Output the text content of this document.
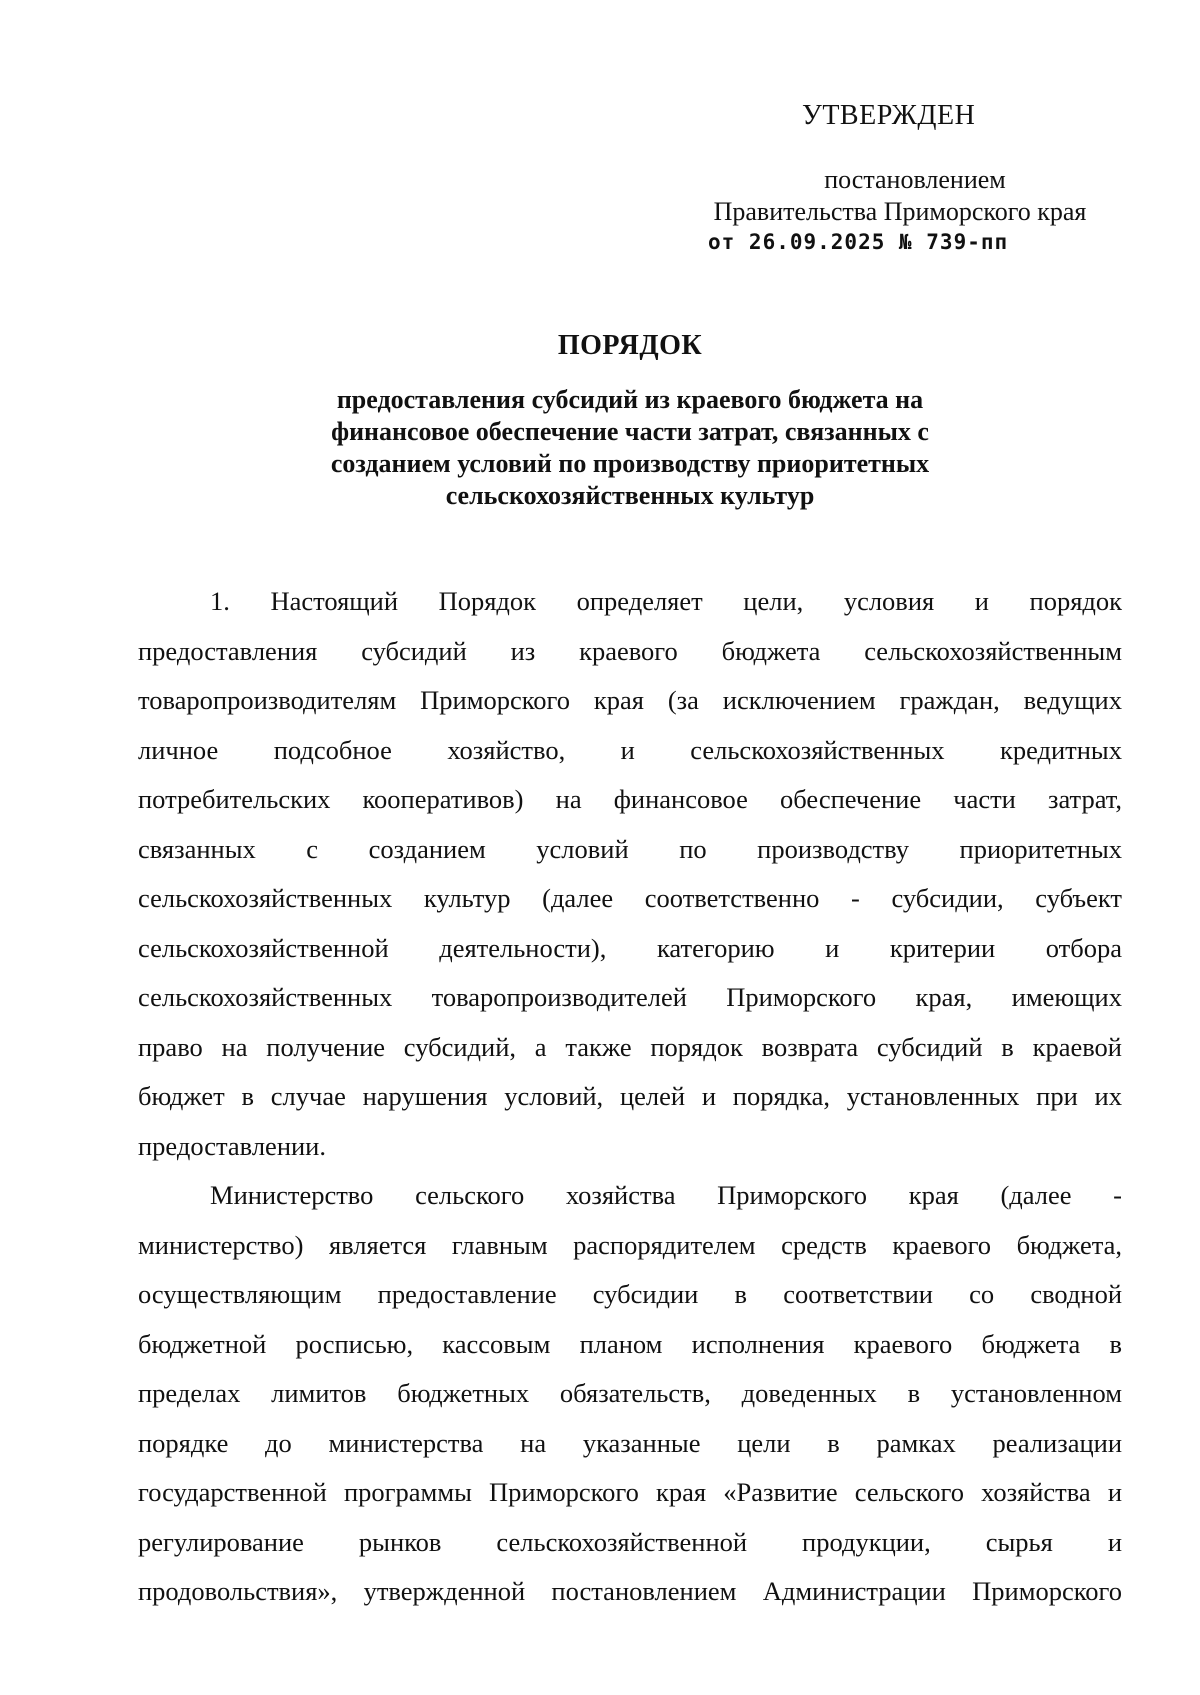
УТВЕРЖДЕН
постановлением
Правительства Приморского края
от 26.09.2025 № 739-пп
ПОРЯДОК
предоставления субсидий из краевого бюджета на
финансовое обеспечение части затрат, связанных с
созданием условий по производству приоритетных
сельскохозяйственных культур
1. Настоящий Порядок определяет цели, условия и порядок
предоставления субсидий из краевого бюджета сельскохозяйственным
товаропроизводителям Приморского края (за исключением граждан, ведущих
личное подсобное хозяйство, и сельскохозяйственных кредитных
потребительских кооперативов) на финансовое обеспечение части затрат,
связанных с созданием условий по производству приоритетных
сельскохозяйственных культур (далее соответственно - субсидии, субъект
сельскохозяйственной деятельности), категорию и критерии отбора
сельскохозяйственных товаропроизводителей Приморского края, имеющих
право на получение субсидий, а также порядок возврата субсидий в краевой
бюджет в случае нарушения условий, целей и порядка, установленных при их
предоставлении.
Министерство сельского хозяйства Приморского края (далее -
министерство) является главным распорядителем средств краевого бюджета,
осуществляющим предоставление субсидии в соответствии со сводной
бюджетной росписью, кассовым планом исполнения краевого бюджета в
пределах лимитов бюджетных обязательств, доведенных в установленном
порядке до министерства на указанные цели в рамках реализации
государственной программы Приморского края «Развитие сельского хозяйства и
регулирование рынков сельскохозяйственной продукции, сырья и
продовольствия», утвержденной постановлением Администрации Приморского
